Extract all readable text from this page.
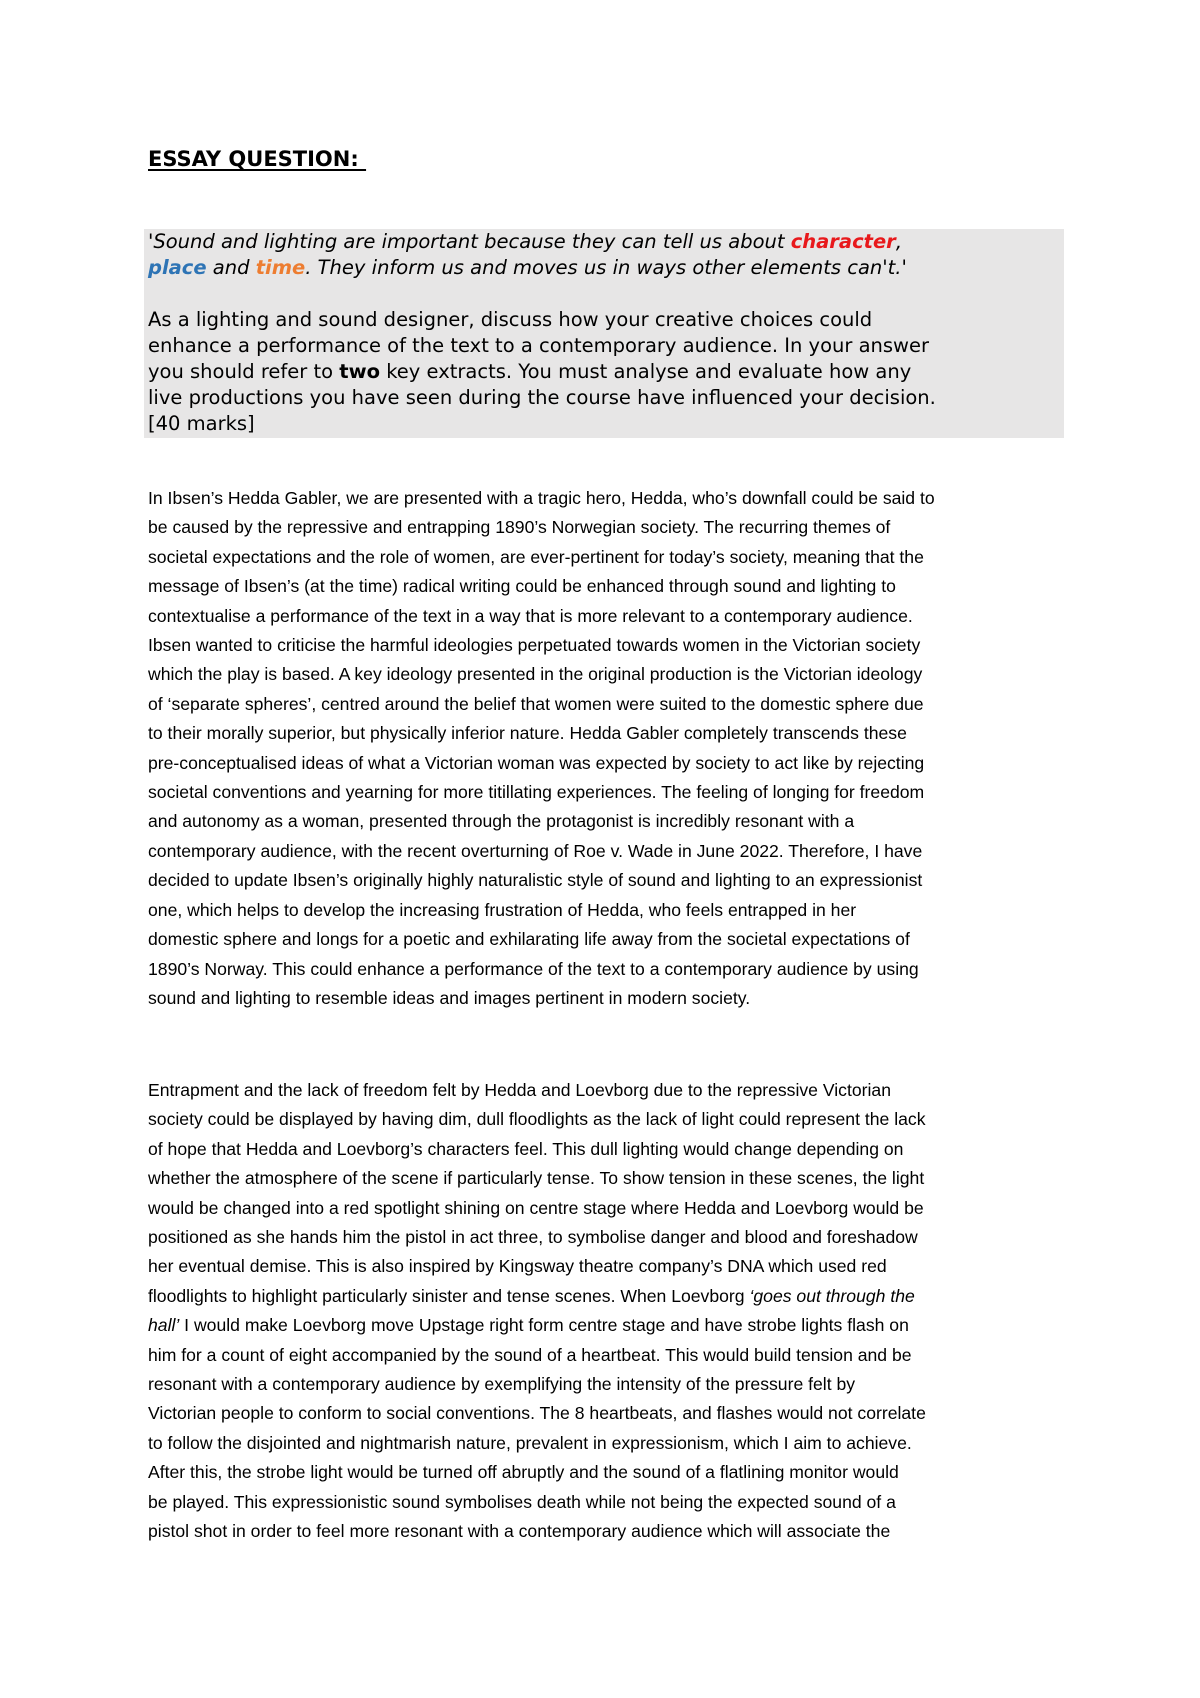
ESSAY QUESTION:

'Sound and lighting are important because they can tell us about character,

place and time. They inform us and moves us in ways other elements can't.'

As a lighting and sound designer, discuss how your creative choices could

enhance a performance of the text to a contemporary audience. In your answer

you should refer to two key extracts. You must analyse and evaluate how any

live productions you have seen during the course have influenced your decision.

[40 marks]

In Ibsen’s Hedda Gabler, we are presented with a tragic hero, Hedda, who’s downfall could be said to

be caused by the repressive and entrapping 1890’s Norwegian society. The recurring themes of

societal expectations and the role of women, are ever-pertinent for today’s society, meaning that the

message of Ibsen’s (at the time) radical writing could be enhanced through sound and lighting to

contextualise a performance of the text in a way that is more relevant to a contemporary audience.

Ibsen wanted to criticise the harmful ideologies perpetuated towards women in the Victorian society

which the play is based. A key ideology presented in the original production is the Victorian ideology

of ‘separate spheres’, centred around the belief that women were suited to the domestic sphere due

to their morally superior, but physically inferior nature. Hedda Gabler completely transcends these

pre-conceptualised ideas of what a Victorian woman was expected by society to act like by rejecting

societal conventions and yearning for more titillating experiences. The feeling of longing for freedom

and autonomy as a woman, presented through the protagonist is incredibly resonant with a

contemporary audience, with the recent overturning of Roe v. Wade in June 2022. Therefore, I have

decided to update Ibsen’s originally highly naturalistic style of sound and lighting to an expressionist

one, which helps to develop the increasing frustration of Hedda, who feels entrapped in her

domestic sphere and longs for a poetic and exhilarating life away from the societal expectations of

1890’s Norway. This could enhance a performance of the text to a contemporary audience by using

sound and lighting to resemble ideas and images pertinent in modern society.

Entrapment and the lack of freedom felt by Hedda and Loevborg due to the repressive Victorian

society could be displayed by having dim, dull floodlights as the lack of light could represent the lack

of hope that Hedda and Loevborg’s characters feel. This dull lighting would change depending on

whether the atmosphere of the scene if particularly tense. To show tension in these scenes, the light

would be changed into a red spotlight shining on centre stage where Hedda and Loevborg would be

positioned as she hands him the pistol in act three, to symbolise danger and blood and foreshadow

her eventual demise. This is also inspired by Kingsway theatre company’s DNA which used red

floodlights to highlight particularly sinister and tense scenes. When Loevborg ‘goes out through the

hall’ I would make Loevborg move Upstage right form centre stage and have strobe lights flash on

him for a count of eight accompanied by the sound of a heartbeat. This would build tension and be

resonant with a contemporary audience by exemplifying the intensity of the pressure felt by

Victorian people to conform to social conventions. The 8 heartbeats, and flashes would not correlate

to follow the disjointed and nightmarish nature, prevalent in expressionism, which I aim to achieve.

After this, the strobe light would be turned off abruptly and the sound of a flatlining monitor would

be played. This expressionistic sound symbolises death while not being the expected sound of a

pistol shot in order to feel more resonant with a contemporary audience which will associate the
